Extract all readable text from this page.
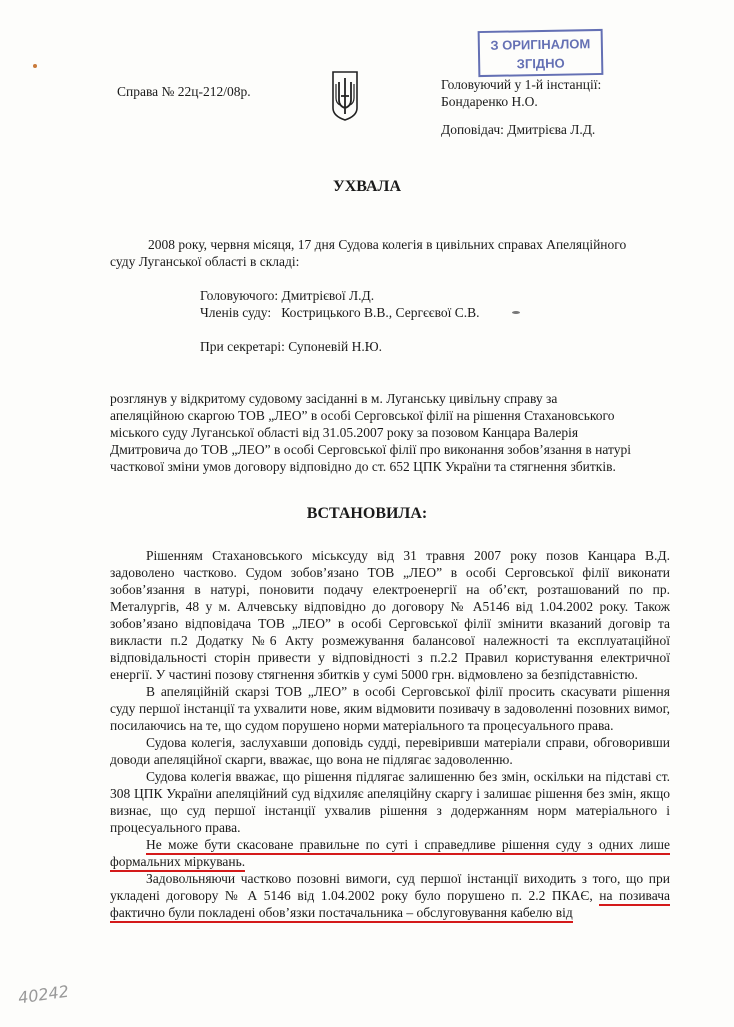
Справа № 22ц-212/08р.
З ОРИГІНАЛОМ
ЗГІДНО
Головуючий у 1-й інстанції:
Бондаренко Н.О.
Доповідач: Дмитрієва Л.Д.
УХВАЛА
2008 року, червня місяця, 17 дня Судова колегія в цивільних справах Апеляційного
суду Луганської області в складі:
Головуючого: Дмитрієвої Л.Д.
Членів суду:   Кострицького В.В., Сергєєвої С.В.
При секретарі: Супоневій Н.Ю.
розглянув у відкритому судовому засіданні в м. Луганську цивільну справу за
апеляційною скаргою ТОВ „ЛЕО” в особі Серговської філії на рішення Стахановського
міського суду Луганської області від 31.05.2007 року за позовом Канцара Валерія
Дмитровича до ТОВ „ЛЕО” в особі Серговської філії про виконання зобов’язання в натурі
часткової зміни умов договору відповідно до ст. 652 ЦПК України та стягнення збитків.
ВСТАНОВИЛА:

Рішенням Стахановського міськсуду від 31 травня 2007 року позов Канцара В.Д. задоволено частково. Судом зобов’язано ТОВ „ЛЕО” в особі Серговської філії виконати зобов’язання в натурі, поновити подачу електроенергії на об’єкт, розташований по пр. Металургів, 48 у м. Алчевську відповідно до договору № А5146 від 1.04.2002 року. Також зобов’язано відповідача ТОВ „ЛЕО” в особі Серговської філії змінити вказаний договір та викласти п.2 Додатку №6 Акту розмежування балансової належності та експлуатаційної відповідальності сторін привести у відповідності з п.2.2 Правил користування електричної енергії. У частині позову стягнення збитків у сумі 5000 грн. відмовлено за безпідставністю.

В апеляційній скарзі ТОВ „ЛЕО” в особі Серговської філії просить скасувати рішення суду першої інстанції та ухвалити нове, яким відмовити позивачу в задоволенні позовних вимог, посилаючись на те, що судом порушено норми матеріального та процесуального права.

Судова колегія, заслухавши доповідь судді, перевіривши матеріали справи, обговоривши доводи апеляційної скарги, вважає, що вона не підлягає задоволенню.

Судова колегія вважає, що рішення підлягає залишенню без змін, оскільки на підставі ст. 308 ЦПК України апеляційний суд відхиляє апеляційну скаргу і залишає рішення без змін, якщо визнає, що суд першої інстанції ухвалив рішення з додержанням норм матеріального і процесуального права.

Не може бути скасоване правильне по суті і справедливе рішення суду з одних лише формальних міркувань.

Задовольняючи частково позовні вимоги, суд першої інстанції виходить з того, що при укладені договору № А 5146 від 1.04.2002 року було порушено п. 2.2 ПКАЄ, на позивача фактично були покладені обов’язки постачальника – обслуговування кабелю від

40242
